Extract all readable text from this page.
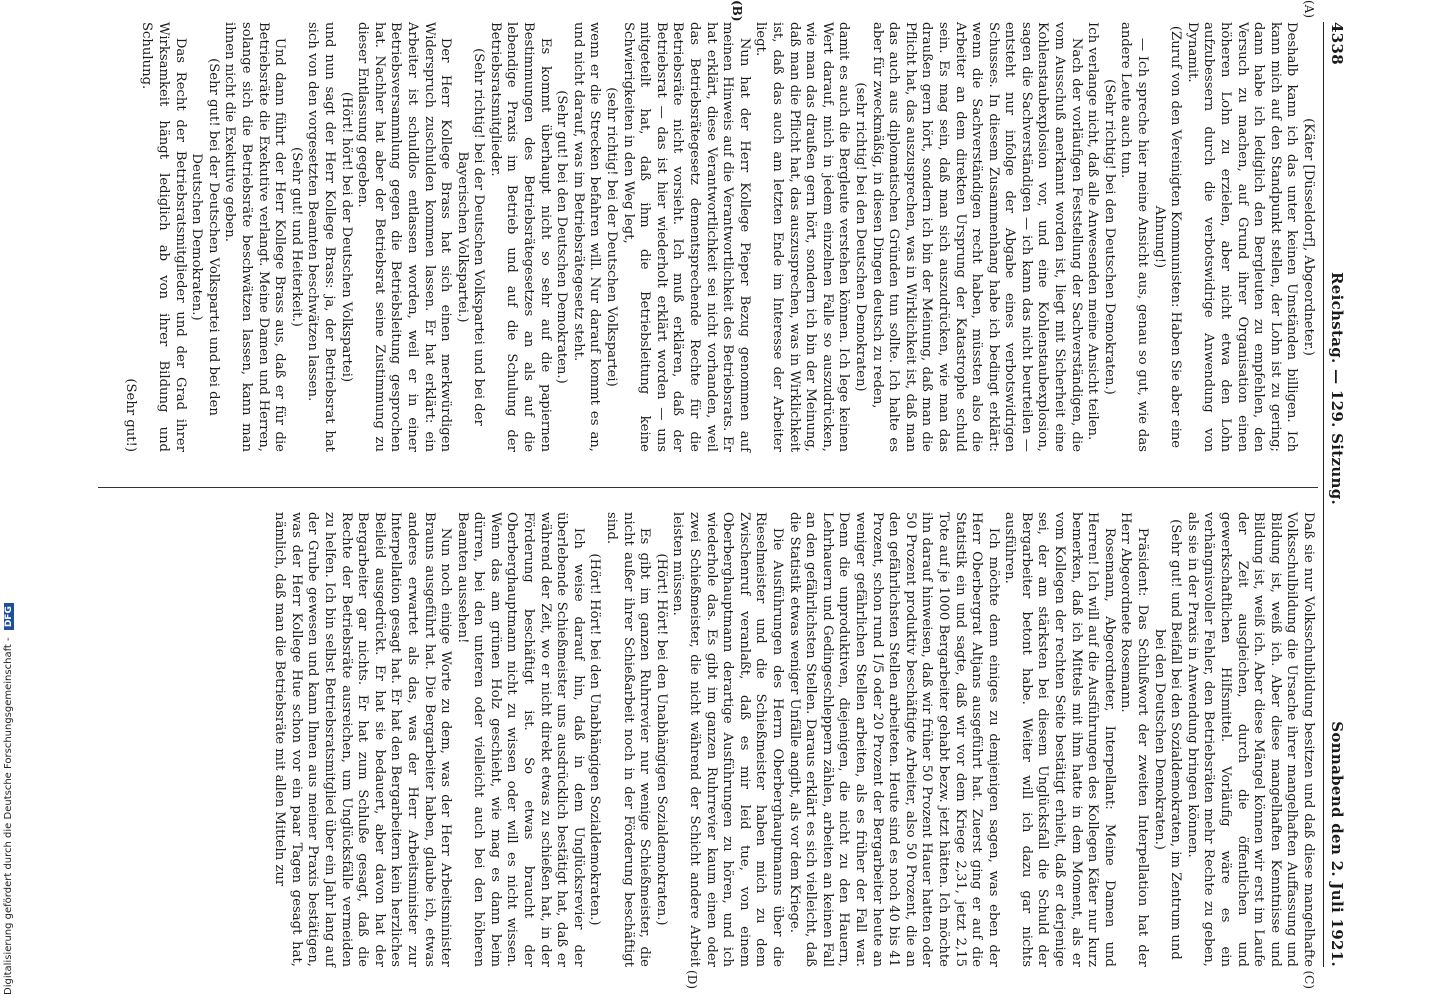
4338
Reichstag. — 129. Sitzung.
Sonnabend den 2. Juli 1921.
(A)
(B)
(C)
(D)

(Käter [Düsseldorf], Abgeordneter.)

Deshalb kann ich das unter keinen Umständen billigen. Ich kann mich auf den Standpunkt stellen, der Lohn ist zu gering; dann habe ich lediglich den Bergleuten zu empfehlen, den Versuch zu machen, auf Grund ihrer Organisation einen höheren Lohn zu erzielen, aber nicht etwa den Lohn aufzubessern durch die verbotswidrige Anwendung von Dynamit.

(Zuruf von den Vereinigten Kommunisten: Haben Sie aber eine Ahnung!)

— Ich spreche hier meine Ansicht aus, genau so gut, wie das andere Leute auch tun.

(Sehr richtig! bei den Deutschen Demokraten.)

Ich verlange nicht, daß alle Anwesenden meine Ansicht teilen.

Nach der vorläufigen Feststellung der Sachverständigen, die vom Ausschuß anerkannt worden ist, liegt mit Sicherheit eine Kohlenstaubexplosion vor, und eine Kohlenstaubexplosion, sagen die Sachverständigen — ich kann das nicht beurteilen — entsteht nur infolge der Abgabe eines verbotswidrigen Schusses. In diesem Zusammenhang habe ich bedingt erklärt: wenn die Sachverständigen recht haben, müssten also die Arbeiter an dem direkten Ursprung der Katastrophe schuld sein. Es mag sein, daß man sich auszudrücken, wie man das draußen gern hört, sondern ich bin der Meinung, daß man die Pflicht hat, das auszusprechen, was in Wirklichkeit ist, daß man das auch aus diplomatischen Gründen tun sollte. Ich halte es aber für zweckmäßig, in diesen Dingen deutsch zu reden,

(sehr richtig! bei den Deutschen Demokraten)

damit es auch die Bergleute verstehen können. Ich lege keinen Wert darauf, mich in jedem einzelnen Falle so auszudrücken, wie man das draußen gern hört, sondern ich bin der Meinung, daß man die Pflicht hat, das auszusprechen, was in Wirklichkeit ist, daß das auch am letzten Ende im Interesse der Arbeiter liegt.

Nun hat der Herr Kollege Pieper Bezug genommen auf meinen Hinweis auf die Verantwortlichkeit des Betriebsrats. Er hat erklärt, diese Verantwortlichkeit sei nicht vorhanden, weil das Betriebsrätegesetz dementsprechende Rechte für die Betriebsräte nicht vorsieht. Ich muß erklären, daß der Betriebsrat — das ist hier wiederholt erklärt worden — uns mitgeteilt hat, daß ihm die Betriebsleitung keine Schwierigkeiten in den Weg legt,

(sehr richtig! bei der Deutschen Volkspartei)

wenn er die Strecken befahren will. Nur darauf kommt es an, und nicht darauf, was im Betriebsrätegesetz steht.

(Sehr gut! bei den Deutschen Demokraten.)

Es kommt überhaupt nicht so sehr auf die papiernen Bestimmungen des Betriebsrätegesetzes an als auf die lebendige Praxis im Betrieb und auf die Schulung der Betriebsratsmitglieder.

(Sehr richtig! bei der Deutschen Volkspartei und bei der Bayerischen Volkspartei.)

Der Herr Kollege Brass hat sich einen merkwürdigen Widerspruch zuschulden kommen lassen. Er hat erklärt: ein Arbeiter ist schuldlos entlassen worden, weil er in einer Betriebsversammlung gegen die Betriebsleitung gesprochen hat. Nachher hat aber der Betriebsrat seine Zustimmung zu dieser Entlassung gegeben.

(Hört! hört! bei der Deutschen Volkspartei)

und nun sagt der Herr Kollege Brass: ja, der Betriebsrat hat sich von den vorgesetzten Beamten beschwätzen lassen.

(Sehr gut! und Heiterkeit.)

Und dann führt der Herr Kollege Brass aus, daß er für die Betriebsräte die Exekutive verlangt. Meine Damen und Herren, solange sich die Betriebsräte beschwätzen lassen, kann man ihnen nicht die Exekutive geben.

(Sehr gut! bei der Deutschen Volkspartei und bei den Deutschen Demokraten.)

Das Recht der Betriebsratsmitglieder und der Grad ihrer Wirksamkeit hängt lediglich ab von ihrer Bildung und Schulung.

(Sehr gut!)

Daß sie nur Volksschulbildung besitzen und daß diese mangelhafte Volksschulbildung die Ursache ihrer mangelhaften Auffassung und Bildung ist, weiß ich. Aber diese mangelhaften Kenntnisse und Bildung ist, weiß ich. Aber diese Mängel können wir erst im Laufe der Zeit ausgleichen, durch die öffentlichen und gewerkschaftlichen Hilfsmittel. Vorläufig wäre es ein verhängnisvoller Fehler, den Betriebsräten mehr Rechte zu geben, als sie in der Praxis in Anwendung bringen können.

(Sehr gut! und Beifall bei den Sozialdemokraten, im Zentrum und bei den Deutschen Demokraten.)

Präsident: Das Schlußwort der zweiten Interpellation hat der Herr Abgeordnete Rosemann.

Rosemann, Abgeordneter, Interpellant: Meine Damen und Herren! Ich will auf die Ausführungen des Kollegen Käter nur kurz bemerken, daß ich Mittels mit ihm hatte in dem Moment, als er vom Kollegen der rechten Seite bestätigt erhielt, daß er derjenige sei, der am stärksten bei diesem Unglücksfall die Schuld der Bergarbeiter betont habe. Weiter will ich dazu gar nichts ausführen.

Ich möchte denn einiges zu demjenigen sagen, was eben der Herr Oberbergrat Altjans ausgeführt hat. Zuerst ging er auf die Statistik ein und sagte, daß wir vor dem Kriege 2,31, jetzt 2,15 Tote auf je 1000 Bergarbeiter gehabt bezw. jetzt hätten. Ich möchte ihn darauf hinweisen, daß wir früher 50 Prozent Hauer hatten oder 50 Prozent produktiv beschäftigte Arbeiter, also 50 Prozent, die an den gefährlichsten Stellen arbeiteten. Heute sind es noch 40 bis 41 Prozent, schon rund 1/5 oder 20 Prozent der Bergarbeiter heute an weniger gefährlichen Stellen arbeiten, als es früher der Fall war. Denn die unproduktiven, diejenigen, die nicht zu den Hauern, Lehrhauern und Gedingeschleppern zählen, arbeiten an keinen Fall an den gefährlichsten Stellen. Daraus erklärt es sich vielleicht, daß die Statistik etwas weniger Unfälle angibt, als vor dem Kriege.

Die Ausführungen des Herrn Oberberghauptmanns über die Rieselmeister und die Schießmeister haben mich zu dem Zwischenruf veranlaßt, daß es mir leid tue, von einem Oberberghauptmann derartige Ausführungen zu hören, und ich wiederhole das. Es gibt im ganzen Ruhrrevier kaum einen oder zwei Schießmeister, die nicht während der Schicht andere Arbeit leisten müssen.

(Hört! Hört! bei den Unabhängigen Sozialdemokraten.)

Es gibt im ganzen Ruhrrevier nur wenige Schießmeister, die nicht außer ihrer Schießarbeit noch in der Förderung beschäftigt sind.

(Hört! Hört! bei den Unabhängigen Sozialdemokraten.)

Ich weise darauf hin, daß in dem Unglücksrevier der überlebende Schießmeister uns ausdrücklich bestätigt hat, daß er während der Zeit, wo er nicht direkt etwas zu schießen hat, in der Förderung beschäftigt ist. So etwas braucht der Oberberghauptmann nicht zu wissen oder will es nicht wissen. Wenn das am grünen Holz geschieht, wie mag es dann beim dürren, bei den unteren oder vielleicht auch bei den höheren Beamten aussehen!

Nun noch einige Worte zu dem, was der Herr Arbeitsminister Brauns ausgeführt hat. Die Bergarbeiter haben, glaube ich, etwas anderes erwartet als das, was der Herr Arbeitsminister zur Interpellation gesagt hat. Er hat den Bergarbeitern kein herzliches Beileid ausgedrückt. Er hat sie bedauert, aber davon hat der Bergarbeiter gar nichts. Er hat zum Schluße gesagt, daß die Rechte der Betriebsräte ausreichen, um Unglücksfälle vermeiden zu helfen. Ich bin selbst Betriebsratsmitglied über ein Jahr lang auf der Grube gewesen und kann Ihnen aus meiner Praxis bestätigen, was der Herr Kollege Hue schon vor ein paar Tagen gesagt hat, nämlich, daß man die Betriebsräte mit allen Mitteln zur

Digitalisierung gefördert durch die Deutsche Forschungsgemeinschaft - DFG
